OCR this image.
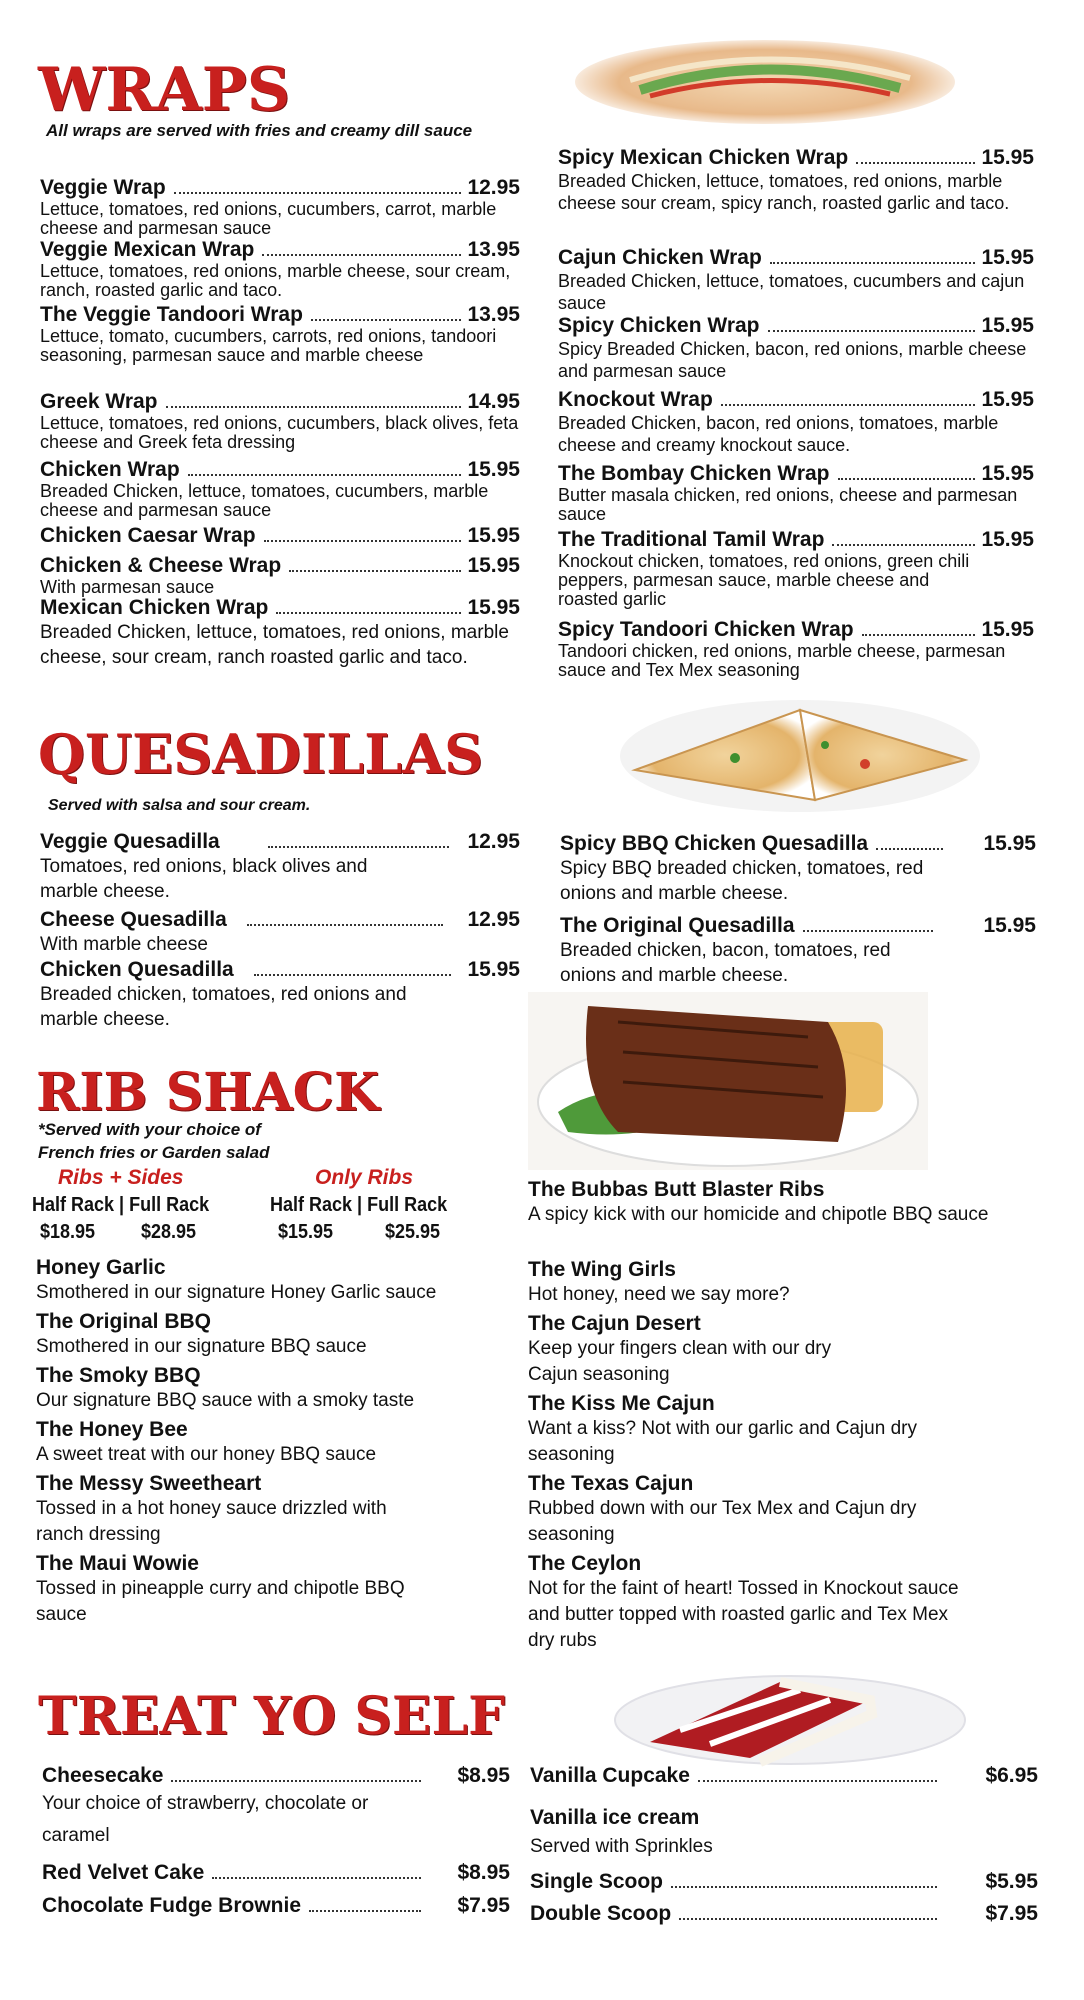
WRAPS
All wraps are served with fries and creamy dill sauce
Veggie Wrap	12.95
Lettuce, tomatoes, red onions, cucumbers, carrot, marble cheese and parmesan sauce
Veggie Mexican Wrap	13.95
Lettuce, tomatoes, red onions, marble cheese, sour cream, ranch, roasted garlic and taco.
The Veggie Tandoori Wrap	13.95
Lettuce, tomato, cucumbers, carrots, red onions, tandoori seasoning, parmesan sauce and marble cheese
Greek Wrap	14.95
Lettuce, tomatoes, red onions, cucumbers, black olives, feta cheese and Greek feta dressing
Chicken Wrap	15.95
Breaded Chicken, lettuce, tomatoes, cucumbers, marble cheese and parmesan sauce
Chicken Caesar Wrap	15.95
Chicken & Cheese Wrap	15.95
With parmesan sauce
Mexican Chicken Wrap	15.95
Breaded Chicken, lettuce, tomatoes, red onions, marble cheese, sour cream, ranch roasted garlic and taco.
Spicy Mexican Chicken Wrap	15.95
Breaded Chicken, lettuce, tomatoes, red onions, marble cheese sour cream, spicy ranch, roasted garlic and taco.
Cajun Chicken Wrap	15.95
Breaded Chicken, lettuce, tomatoes, cucumbers and cajun sauce
Spicy Chicken Wrap	15.95
Spicy Breaded Chicken, bacon, red onions, marble cheese and parmesan sauce
Knockout Wrap	15.95
Breaded Chicken, bacon, red onions, tomatoes, marble cheese and creamy knockout sauce.
The Bombay Chicken Wrap	15.95
Butter masala chicken, red onions, cheese and parmesan sauce
The Traditional Tamil Wrap	15.95
Knockout chicken, tomatoes, red onions, green chili peppers, parmesan sauce, marble cheese and roasted garlic
Spicy Tandoori Chicken Wrap	15.95
Tandoori chicken, red onions, marble cheese, parmesan sauce and Tex Mex seasoning
QUESADILLAS
Served with salsa and sour cream.
Veggie Quesadilla	12.95
Tomatoes, red onions, black olives and marble cheese.
Cheese Quesadilla	12.95
With marble cheese
Chicken Quesadilla	15.95
Breaded chicken, tomatoes, red onions and marble cheese.
Spicy BBQ Chicken Quesadilla	15.95
Spicy BBQ breaded chicken, tomatoes, red onions and marble cheese.
The Original Quesadilla	15.95
Breaded chicken, bacon, tomatoes, red onions and marble cheese.
RIB SHACK
*Served with your choice of
French fries or Garden salad
Ribs + Sides	Only Ribs
Half Rack | Full Rack	Half Rack | Full Rack
$18.95 $28.95	$15.95	$25.95
Honey Garlic
Smothered in our signature Honey Garlic sauce
The Original BBQ
Smothered in our signature BBQ sauce
The Smoky BBQ
Our signature BBQ sauce with a smoky taste
The Honey Bee
A sweet treat with our honey BBQ sauce
The Messy Sweetheart
Tossed in a hot honey sauce drizzled with ranch dressing
The Maui Wowie
Tossed in pineapple curry and chipotle BBQ sauce
The Bubbas Butt Blaster Ribs
A spicy kick with our homicide and chipotle BBQ sauce
The Wing Girls
Hot honey, need we say more?
The Cajun Desert
Keep your fingers clean with our dry Cajun seasoning
The Kiss Me Cajun
Want a kiss? Not with our garlic and Cajun dry seasoning
The Texas Cajun
Rubbed down with our Tex Mex and Cajun dry seasoning
The Ceylon
Not for the faint of heart! Tossed in Knockout sauce and butter topped with roasted garlic and Tex Mex dry rubs
TREAT YO SELF
Cheesecake	$8.95
Your choice of strawberry, chocolate or caramel
Red Velvet Cake	$8.95
Chocolate Fudge Brownie	$7.95
Vanilla Cupcake	$6.95
Vanilla ice cream
Served with Sprinkles
Single Scoop	$5.95
Double Scoop	$7.95
